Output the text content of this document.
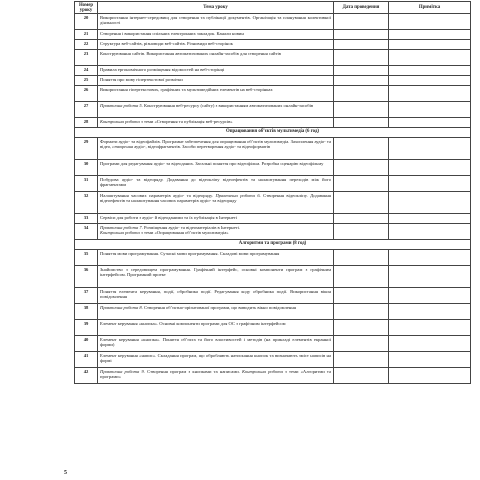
Номер уроку	Тема уроку	Дата проведення	Примітка
20	Використання інтернет-середовищ для створення та публікації документів. Організація та планування колективної діяльності		
21	Створення і використання спільних електронних закладок. Канали новин		
22	Структура веб-сайтів, різновиди веб-сайтів. Різновиди веб-сторінок		
23	Конструювання сайтів. Використання автоматизованих онлайн-засобів для створення сайтів		
24	Правила ергономічного розміщення відомостей на веб-сторінці		
25	Поняття про мову гіпертекстової розмітки		
26	Використання гіпертекстових, графічних та мультимедійних елементів на веб-сторінках		
27	Практична робота 5. Конструювання веб-ресурсу (сайту) з використанням автоматизованих онлайн-засобів		
28	Контрольна робота з теми «Створення та публікація веб-ресурсів»		
Опрацювання об’єктів мультимедіа (6 год)			
29	Формати аудіо- та відеофайлів. Програмне забезпечення для опрацювання об’єктів мультимедіа. Захоплення аудіо- та відео, створення аудіо-, відеофрагментів. Засоби перетворення аудіо- та відеоформатів		
30	Програми для редагування аудіо- та відеоданих. Загальні поняття про відеофільм. Розробка сценарію відеофільму		
31	Побудова аудіо- та відеоряду. Додавання до відеокліпу відеоефектів та налаштування переходів між його фрагментами		
32	Налаштування часових параметрів аудіо- та відеоряду. Практична робота 6. Створення відеокліпу. Додавання відеоефектів та налаштування часових параметрів аудіо- та відеоряду		
33	Сервіси для роботи з аудіо- й відеоданими та їх публікація в Інтернеті		
34	Практична робота 7. Розміщення аудіо- та відеоматеріалів в Інтернеті.
Контрольна робота з теми «Опрацювання об’єктів мультимедіа»		
Алгоритми та програми (8 год)			
35	Поняття мови програмування. Сучасні мови програмування. Складові мови програмування		
36	Знайомство з середовищем програмування. Графічний інтерфейс, основні компоненти програм з графічним інтерфейсом. Програмний проект		
37	Поняття елемента керування, події, обробника події. Редагування коду обробника події. Використання вікон повідомлення		
38	Практична робота 8. Створення об’єктно-орієнтованої програми, що виводить вікно повідомлення		
39	Елемент керування «кнопка». Основні компоненти програми для ОС з графічним інтерфейсом		
40	Елемент керування «кнопка». Поняття об’єкта та його властивостей і методів (на прикладі елементів екранної форми)		
41	Елемент керування «напис». Складання програм, що обробляють натискання кнопок та визначають зміст написів на формі		
42	Практична робота 9. Створення програм з кнопками та написами. Контрольна робота з теми «Алгоритми та програми»		
5
